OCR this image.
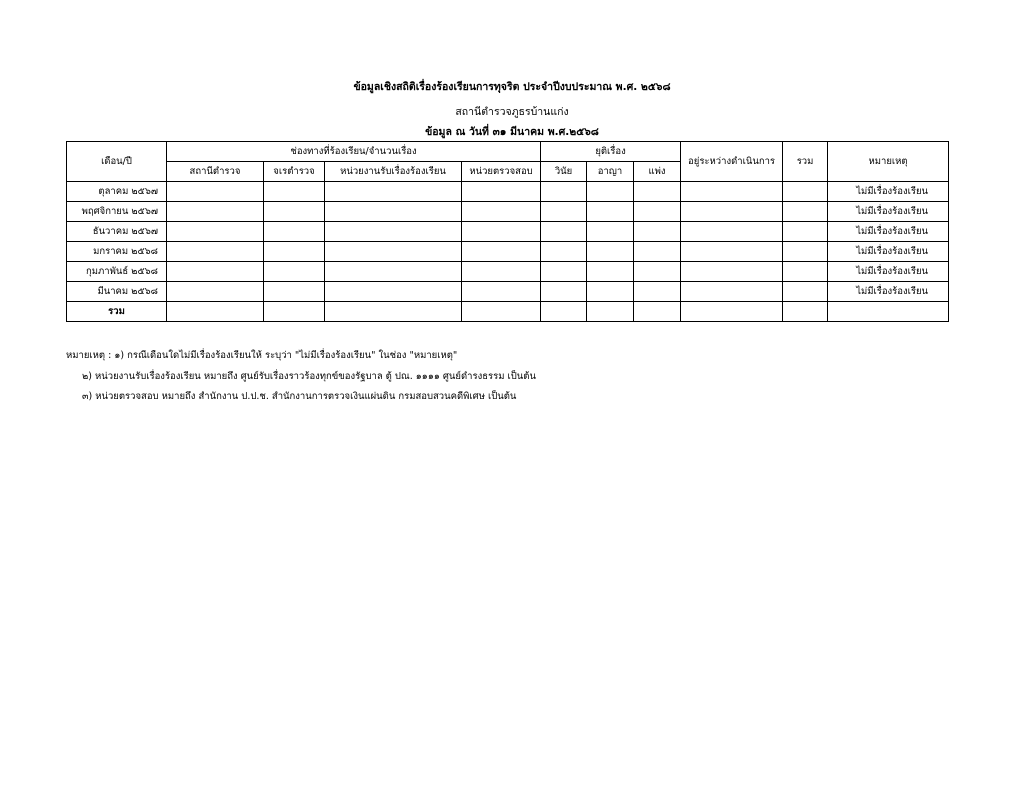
ข้อมูลเชิงสถิติเรื่องร้องเรียนการทุจริต ประจำปีงบประมาณ พ.ศ. ๒๕๖๘
สถานีตำรวจภูธรบ้านแก่ง
ข้อมูล ณ วันที่ ๓๑ มีนาคม พ.ศ.๒๕๖๘
เดือน/ปี	ช่องทางที่ร้องเรียน/จำนวนเรื่อง				ยุติเรื่อง			อยู่ระหว่างดำเนินการ	รวม	หมายเหตุ
	สถานีตำรวจ	จเรตำรวจ	หน่วยงานรับเรื่องร้องเรียน	หน่วยตรวจสอบ	วินัย	อาญา	แพ่ง			
ตุลาคม ๒๕๖๗										ไม่มีเรื่องร้องเรียน
พฤศจิกายน ๒๕๖๗										ไม่มีเรื่องร้องเรียน
ธันวาคม ๒๕๖๗										ไม่มีเรื่องร้องเรียน
มกราคม ๒๕๖๘										ไม่มีเรื่องร้องเรียน
กุมภาพันธ์ ๒๕๖๘										ไม่มีเรื่องร้องเรียน
มีนาคม ๒๕๖๘										ไม่มีเรื่องร้องเรียน
รวม										
หมายเหตุ : ๑) กรณีเดือนใดไม่มีเรื่องร้องเรียนให้ ระบุว่า "ไม่มีเรื่องร้องเรียน" ในช่อง "หมายเหตุ"
๒) หน่วยงานรับเรื่องร้องเรียน หมายถึง ศูนย์รับเรื่องราวร้องทุกข์ของรัฐบาล ตู้ ปณ. ๑๑๑๑ ศูนย์ดำรงธรรม เป็นต้น
๓) หน่วยตรวจสอบ หมายถึง สำนักงาน ป.ป.ช. สำนักงานการตรวจเงินแผ่นดิน กรมสอบสวนคดีพิเศษ เป็นต้น
